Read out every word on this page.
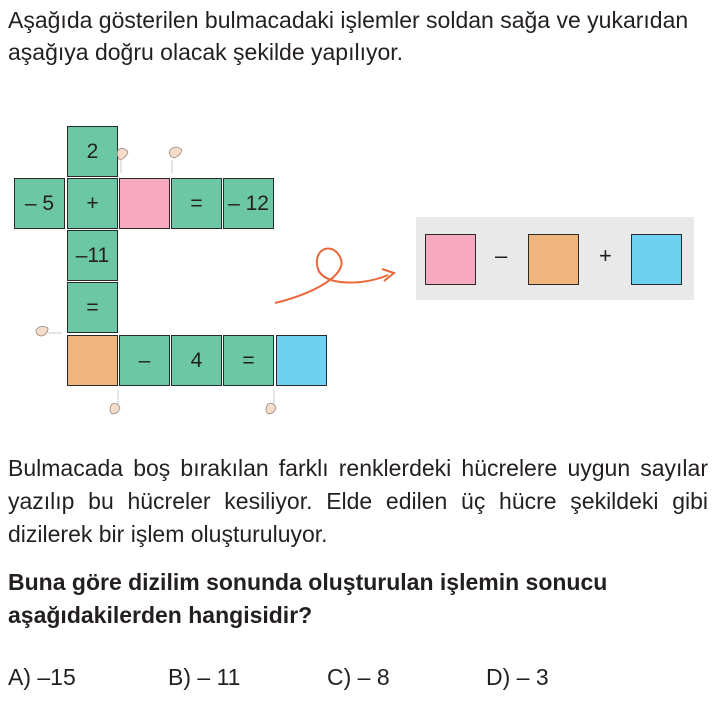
Aşağıda gösterilen bulmacadaki işlemler soldan sağa ve yukarıdan aşağıya doğru olacak şekilde yapılıyor.
2
– 5	+	=	– 12
–11
=
–	4	=
–	+
Bulmacada boş bırakılan farklı renklerdeki hücrelere uygun sayılar yazılıp bu hücreler kesiliyor. Elde edilen üç hücre şekildeki gibi dizilerek bir işlem oluşturuluyor.
Buna göre dizilim sonunda oluşturulan işlemin sonucu aşağıdakilerden hangisidir?
A) –15	B) – 11	C) – 8	D) – 3
